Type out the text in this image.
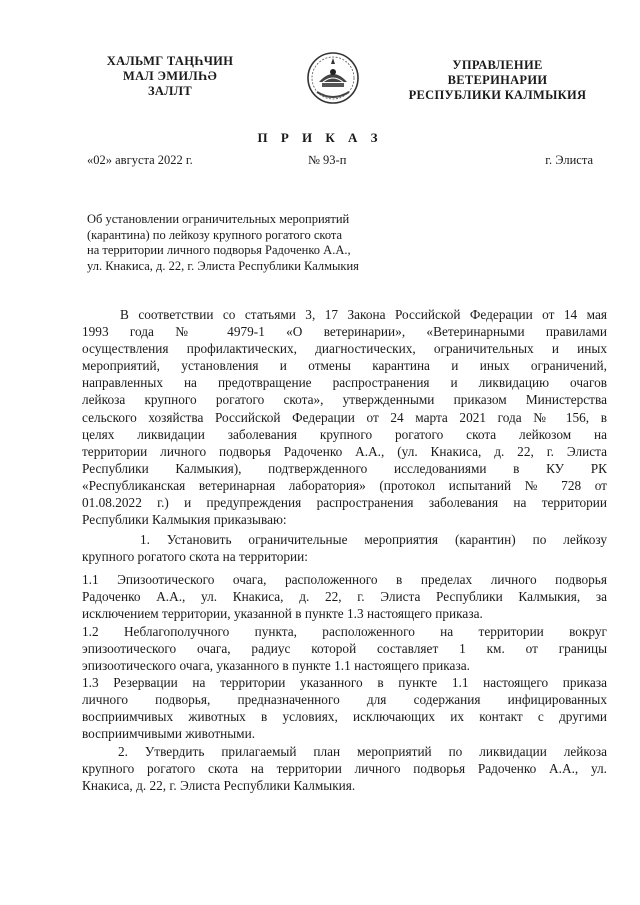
ХАЛЬМГ ТАҢҺЧИН
МАЛ ЭМИЛҺӘ
ЗАЛЛТ
УПРАВЛЕНИЕ
ВЕТЕРИНАРИИ
РЕСПУБЛИКИ КАЛМЫКИЯ
П Р И К А З
«02» августа 2022 г.	№ 93-п	г. Элиста
Об установлении ограничительных мероприятий
(карантина) по лейкозу крупного рогатого скота
на территории личного подворья Радоченко А.А.,
ул. Кнакиса, д. 22, г. Элиста Республики Калмыкия
В соответствии со статьями 3, 17 Закона Российской Федерации от 14 мая
1993 года № 4979-1 «О ветеринарии», «Ветеринарными правилами
осуществления профилактических, диагностических, ограничительных и иных
мероприятий, установления и отмены карантина и иных ограничений,
направленных на предотвращение распространения и ликвидацию очагов
лейкоза крупного рогатого скота», утвержденными приказом Министерства
сельского хозяйства Российской Федерации от 24 марта 2021 года № 156, в
целях ликвидации заболевания крупного рогатого скота лейкозом на
территории личного подворья Радоченко А.А., (ул. Кнакиса, д. 22, г. Элиста
Республики Калмыкия), подтвержденного исследованиями в КУ РК
«Республиканская ветеринарная лаборатория» (протокол испытаний № 728 от
01.08.2022 г.) и предупреждения распространения заболевания на территории
Республики Калмыкия приказываю:
1. Установить ограничительные мероприятия (карантин) по лейкозу
крупного рогатого скота на территории:
1.1 Эпизоотического очага, расположенного в пределах личного подворья
Радоченко А.А., ул. Кнакиса, д. 22, г. Элиста Республики Калмыкия, за
исключением территории, указанной в пункте 1.3 настоящего приказа.
1.2 Неблагополучного пункта, расположенного на территории вокруг
эпизоотического очага, радиус которой составляет 1 км. от границы
эпизоотического очага, указанного в пункте 1.1 настоящего приказа.
1.3 Резервации на территории указанного в пункте 1.1 настоящего приказа
личного подворья, предназначенного для содержания инфицированных
восприимчивых животных в условиях, исключающих их контакт с другими
восприимчивыми животными.
2. Утвердить прилагаемый план мероприятий по ликвидации лейкоза
крупного рогатого скота на территории личного подворья Радоченко А.А., ул.
Кнакиса, д. 22, г. Элиста Республики Калмыкия.
